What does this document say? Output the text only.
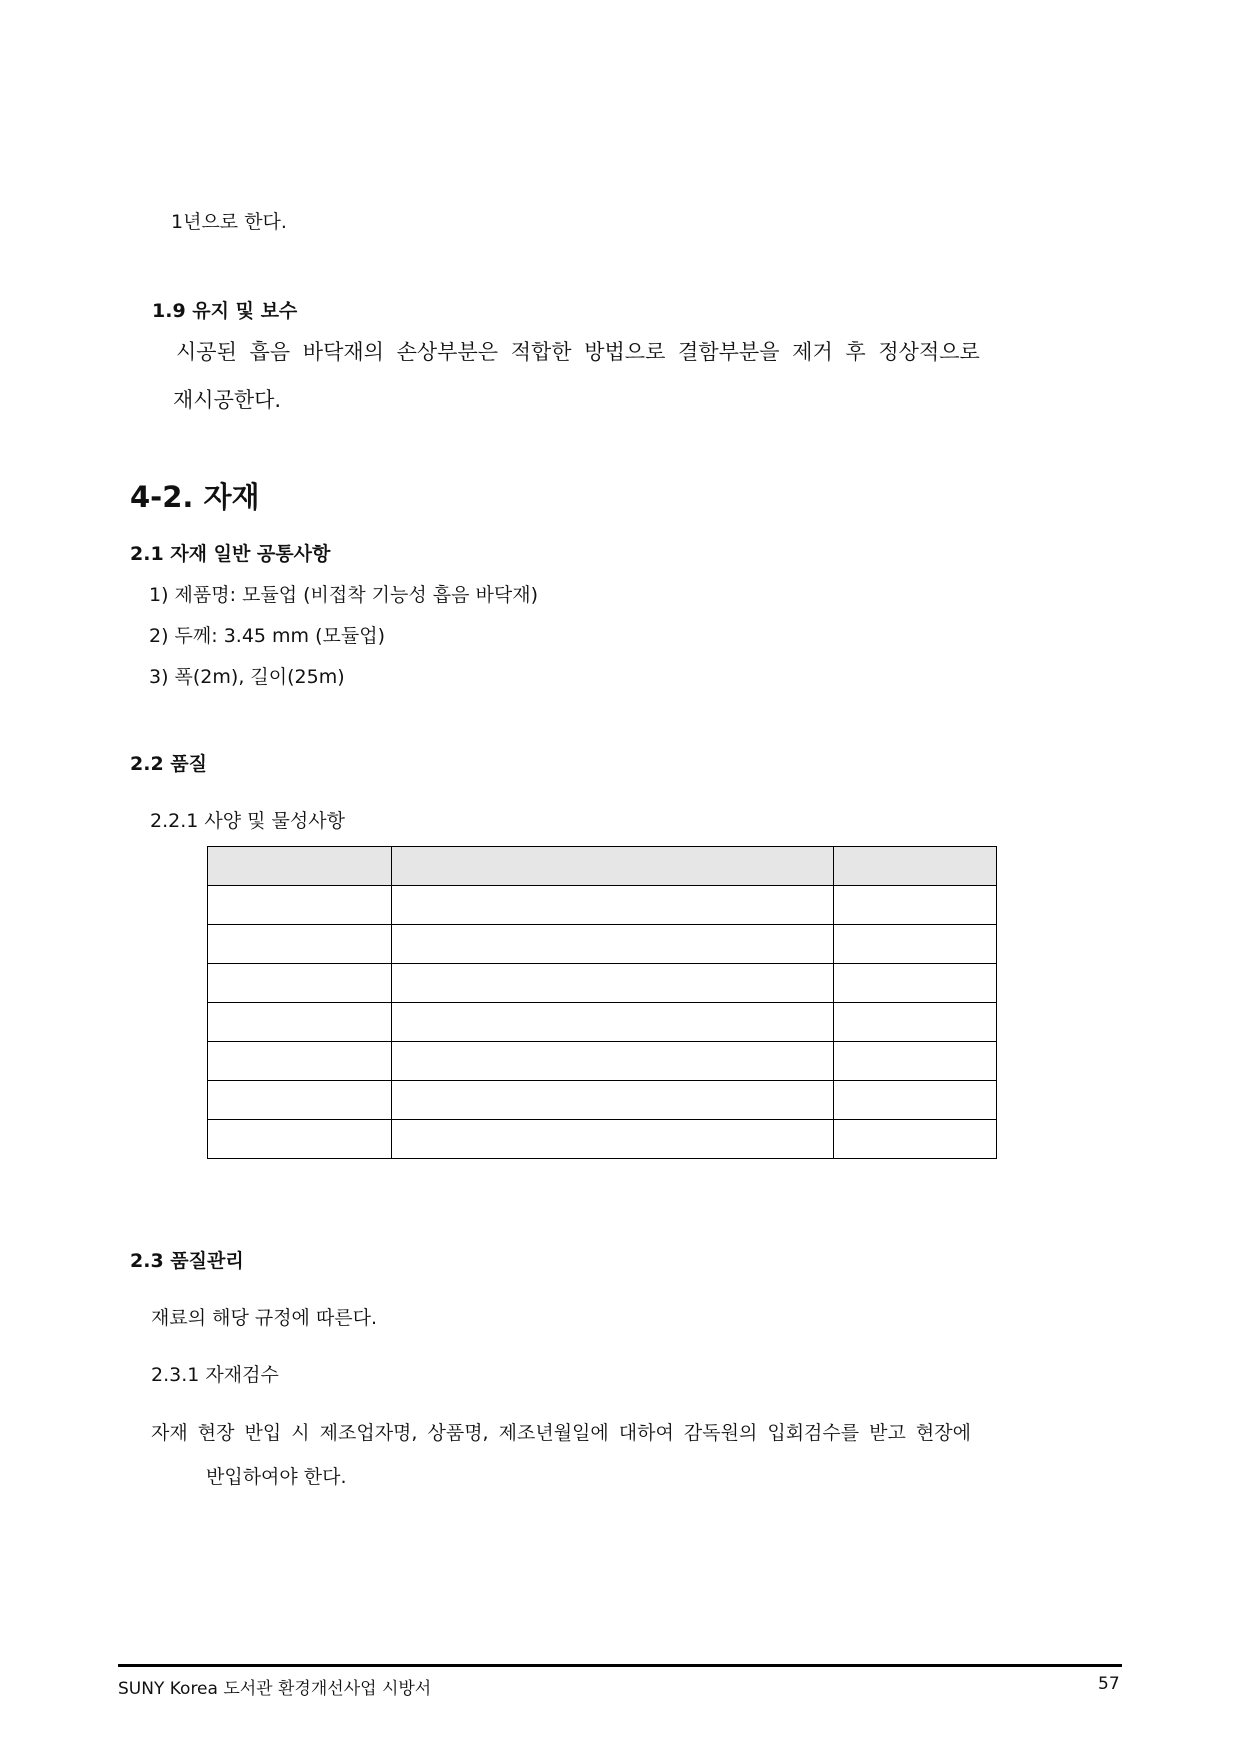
1년으로 한다.
1.9 유지 및 보수
시공된 흡음 바닥재의 손상부분은 적합한 방법으로 결함부분을 제거 후 정상적으로
재시공한다.
4-2. 자재
2.1 자재 일반 공통사항
1) 제품명: 모듈업 (비접착 기능성 흡음 바닥재)
2) 두께: 3.45 mm (모듈업)
3) 폭(2m), 길이(25m)
2.2 품질
2.2.1 사양 및 물성사항

2.3 품질관리
재료의 해당 규정에 따른다.
2.3.1 자재검수
자재 현장 반입 시 제조업자명, 상품명, 제조년월일에 대하여 감독원의 입회검수를 받고 현장에
반입하여야 한다.
SUNY Korea 도서관 환경개선사업 시방서	57
